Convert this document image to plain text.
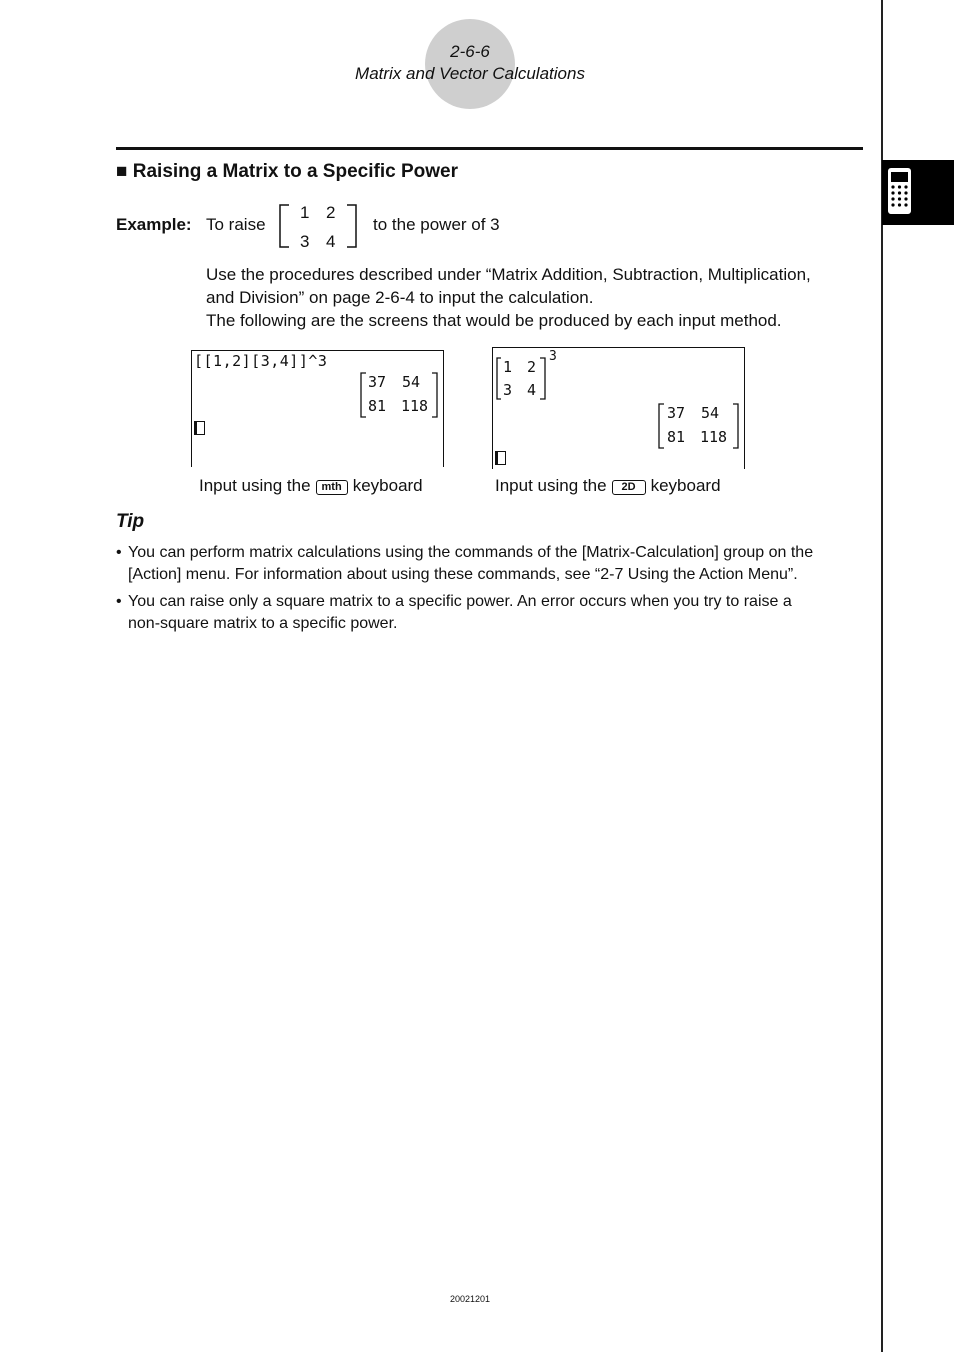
2-6-6
Matrix and Vector Calculations
■ Raising a Matrix to a Specific Power
Example: To raise
1 2
3 4
to the power of 3
Use the procedures described under “Matrix Addition, Subtraction, Multiplication,
and Division” on page 2-6-4 to input the calculation.
The following are the screens that would be produced by each input method.
[[1,2][3,4]]^3
37 54
81 118
Input using the mth keyboard
1 2
3 4
3
37 54
81 118
Input using the 2D keyboard
Tip
• You can perform matrix calculations using the commands of the [Matrix-Calculation] group on the
[Action] menu. For information about using these commands, see “2-7 Using the Action Menu”.
• You can raise only a square matrix to a specific power. An error occurs when you try to raise a
non-square matrix to a specific power.
20021201
